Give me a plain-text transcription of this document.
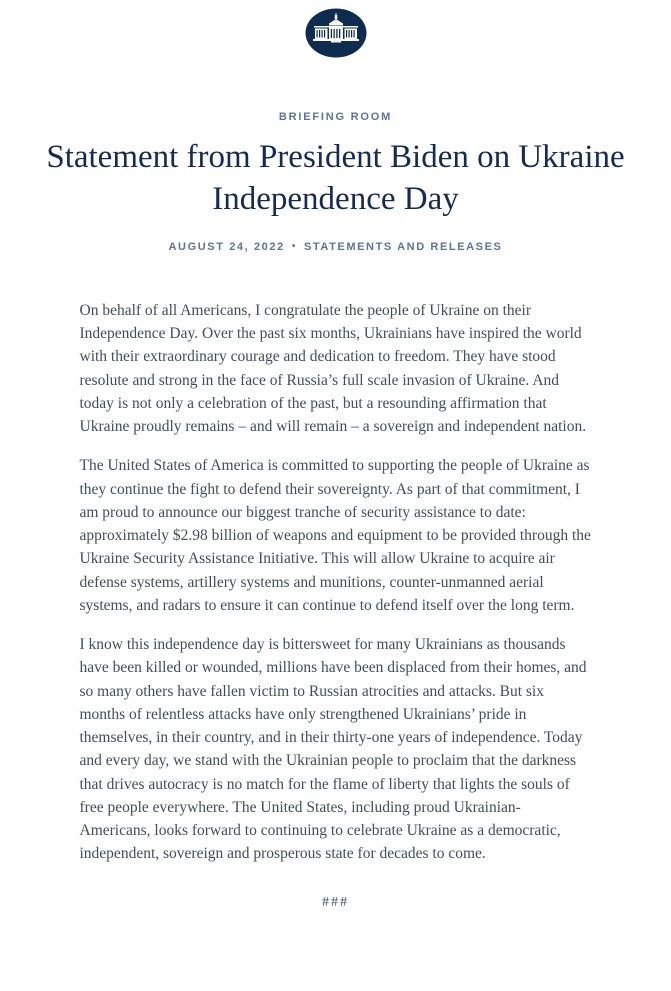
BRIEFING ROOM
Statement from President Biden on Ukraine Independence Day
AUGUST 24, 2022 • STATEMENTS AND RELEASES

On behalf of all Americans, I congratulate the people of Ukraine on their Independence Day. Over the past six months, Ukrainians have inspired the world with their extraordinary courage and dedication to freedom. They have stood resolute and strong in the face of Russia’s full scale invasion of Ukraine. And today is not only a celebration of the past, but a resounding affirmation that Ukraine proudly remains – and will remain – a sovereign and independent nation.

The United States of America is committed to supporting the people of Ukraine as they continue the fight to defend their sovereignty. As part of that commitment, I am proud to announce our biggest tranche of security assistance to date: approximately $2.98 billion of weapons and equipment to be provided through the Ukraine Security Assistance Initiative. This will allow Ukraine to acquire air defense systems, artillery systems and munitions, counter-unmanned aerial systems, and radars to ensure it can continue to defend itself over the long term.

I know this independence day is bittersweet for many Ukrainians as thousands have been killed or wounded, millions have been displaced from their homes, and so many others have fallen victim to Russian atrocities and attacks. But six months of relentless attacks have only strengthened Ukrainians’ pride in themselves, in their country, and in their thirty-one years of independence. Today and every day, we stand with the Ukrainian people to proclaim that the darkness that drives autocracy is no match for the flame of liberty that lights the souls of free people everywhere. The United States, including proud Ukrainian-Americans, looks forward to continuing to celebrate Ukraine as a democratic, independent, sovereign and prosperous state for decades to come.

###
